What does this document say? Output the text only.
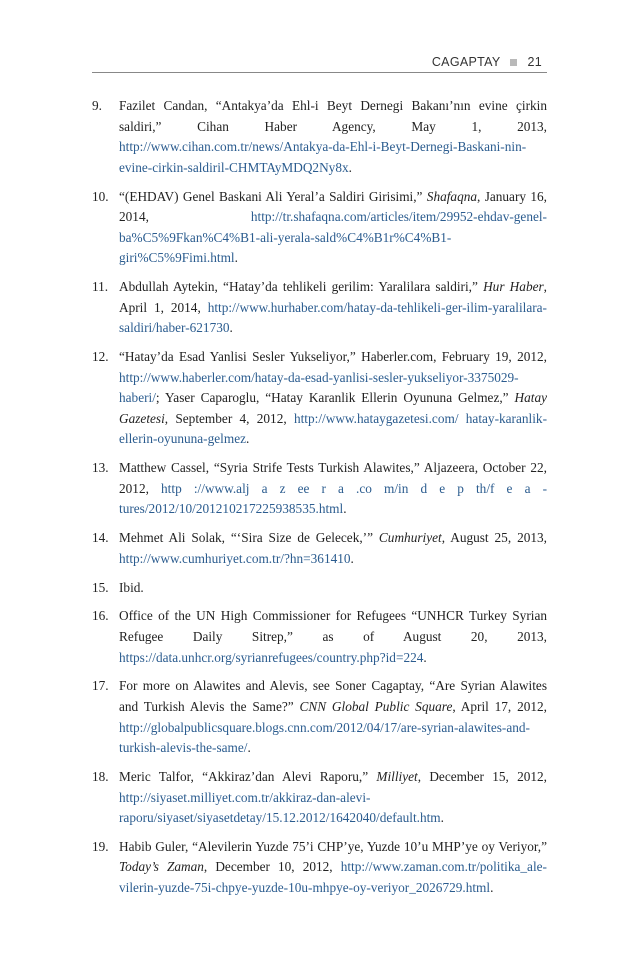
CAGAPTAY 21
9.	Fazilet Candan, “Antakya’da Ehl-i Beyt Dernegi Bakanı’nın evine çirkin saldiri,” Cihan Haber Agency, May 1, 2013, http://www.cihan.com.tr/news/Antakya-da-Ehl-i-Beyt-Dernegi-Baskani-nin-evine-cirkin-saldiril-CHMTAyMDQ2Ny8x.
10. “(EHDAV) Genel Baskani Ali Yeral’a Saldiri Girisimi,” Shafaqna, January 16, 2014, http://tr.shafaqna.com/articles/item/29952-ehdav-genel-ba%C5%9Fkan%C4%B1-ali-yerala-sald%C4%B1r%C4%B1-giri%C5%9Fimi.html.
11. Abdullah Aytekin, “Hatay’da tehlikeli gerilim: Yaralilara saldiri,” Hur Haber, April 1, 2014, http://www.hurhaber.com/hatay-da-tehlikeli-ger-ilim-yaralilara-saldiri/haber-621730.
12. “Hatay’da Esad Yanlisi Sesler Yukseliyor,” Haberler.com, February 19, 2012, http://www.haberler.com/hatay-da-esad-yanlisi-sesler-yukseliyor-3375029-haberi/; Yaser Caparoglu, “Hatay Karanlik Ellerin Oyununa Gelmez,” Hatay Gazetesi, September 4, 2012, http://www.hataygazetesi.com/ hatay-karanlik-ellerin-oyununa-gelmez.
13. Matthew Cassel, “Syria Strife Tests Turkish Alawites,” Aljazeera, October 22, 2012, http ://www.alj a z ee r a .co m/in d e p th/f e a - tures/2012/10/201210217225938535.html.
14. Mehmet Ali Solak, “‘Sira Size de Gelecek,’” Cumhuriyet, August 25, 2013, http://www.cumhuriyet.com.tr/?hn=361410.
15. Ibid.
16. Office of the UN High Commissioner for Refugees “UNHCR Turkey Syrian Refugee Daily Sitrep,” as of August 20, 2013, https://data.unhcr.org/syrianrefugees/country.php?id=224.
17. For more on Alawites and Alevis, see Soner Cagaptay, “Are Syrian Alawites and Turkish Alevis the Same?” CNN Global Public Square, April 17, 2012, http://globalpublicsquare.blogs.cnn.com/2012/04/17/are-syrian-alawites-and- turkish-alevis-the-same/.
18. Meric Talfor, “Akkiraz’dan Alevi Raporu,” Milliyet, December 15, 2012, http://siyaset.milliyet.com.tr/akkiraz-dan-alevi-raporu/siyaset/siyasetdetay/15.12.2012/1642040/default.htm.
19. Habib Guler, “Alevilerin Yuzde 75’i CHP’ye, Yuzde 10’u MHP’ye oy Veriyor,” Today’s Zaman, December 10, 2012, http://www.zaman.com.tr/politika_ale- vilerin-yuzde-75i-chpye-yuzde-10u-mhpye-oy-veriyor_2026729.html.
